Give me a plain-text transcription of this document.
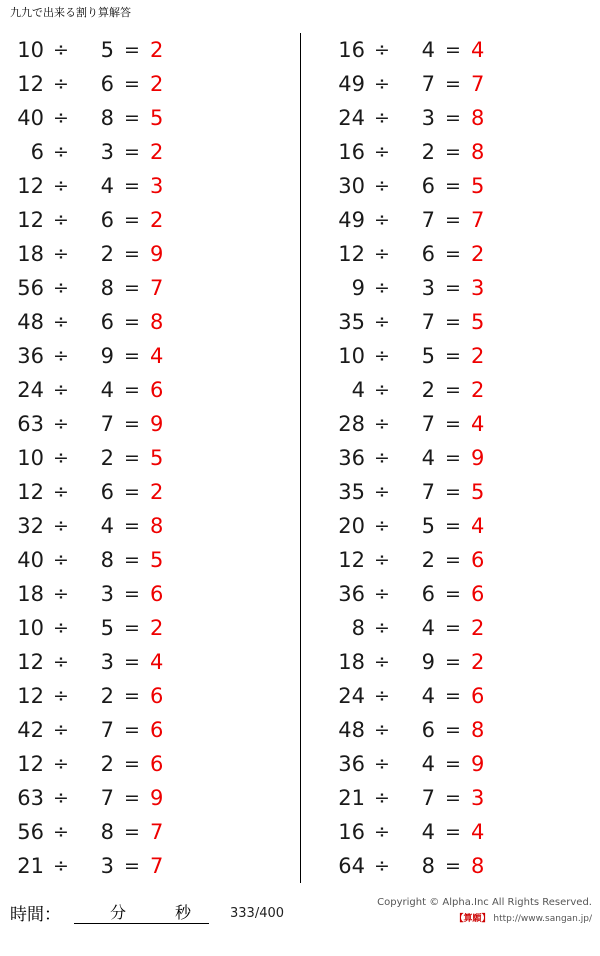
九九で出来る割り算解答
10 ÷	5 = 2
12 ÷	6 = 2
40 ÷	8 = 5
6 ÷	3 = 2
12 ÷	4 = 3
12 ÷	6 = 2
18 ÷	2 = 9
56 ÷	8 = 7
48 ÷	6 = 8
36 ÷	9 = 4
24 ÷	4 = 6
63 ÷	7 = 9
10 ÷	2 = 5
12 ÷	6 = 2
32 ÷	4 = 8
40 ÷	8 = 5
18 ÷	3 = 6
10 ÷	5 = 2
12 ÷	3 = 4
12 ÷	2 = 6
42 ÷	7 = 6
12 ÷	2 = 6
63 ÷	7 = 9
56 ÷	8 = 7
21 ÷	3 = 7
16 ÷	4 = 4
49 ÷	7 = 7
24 ÷	3 = 8
16 ÷	2 = 8
30 ÷	6 = 5
49 ÷	7 = 7
12 ÷	6 = 2
9 ÷	3 = 3
35 ÷	7 = 5
10 ÷	5 = 2
4 ÷	2 = 2
28 ÷	7 = 4
36 ÷	4 = 9
35 ÷	7 = 5
20 ÷	5 = 4
12 ÷	2 = 6
36 ÷	6 = 6
8 ÷	4 = 2
18 ÷	9 = 2
24 ÷	4 = 6
48 ÷	6 = 8
36 ÷	4 = 9
21 ÷	7 = 3
16 ÷	4 = 4
64 ÷	8 = 8
時間：	分	秒	333/400
Copyright © Alpha.Inc All Rights Reserved.
【算願】 http://www.sangan.jp/
